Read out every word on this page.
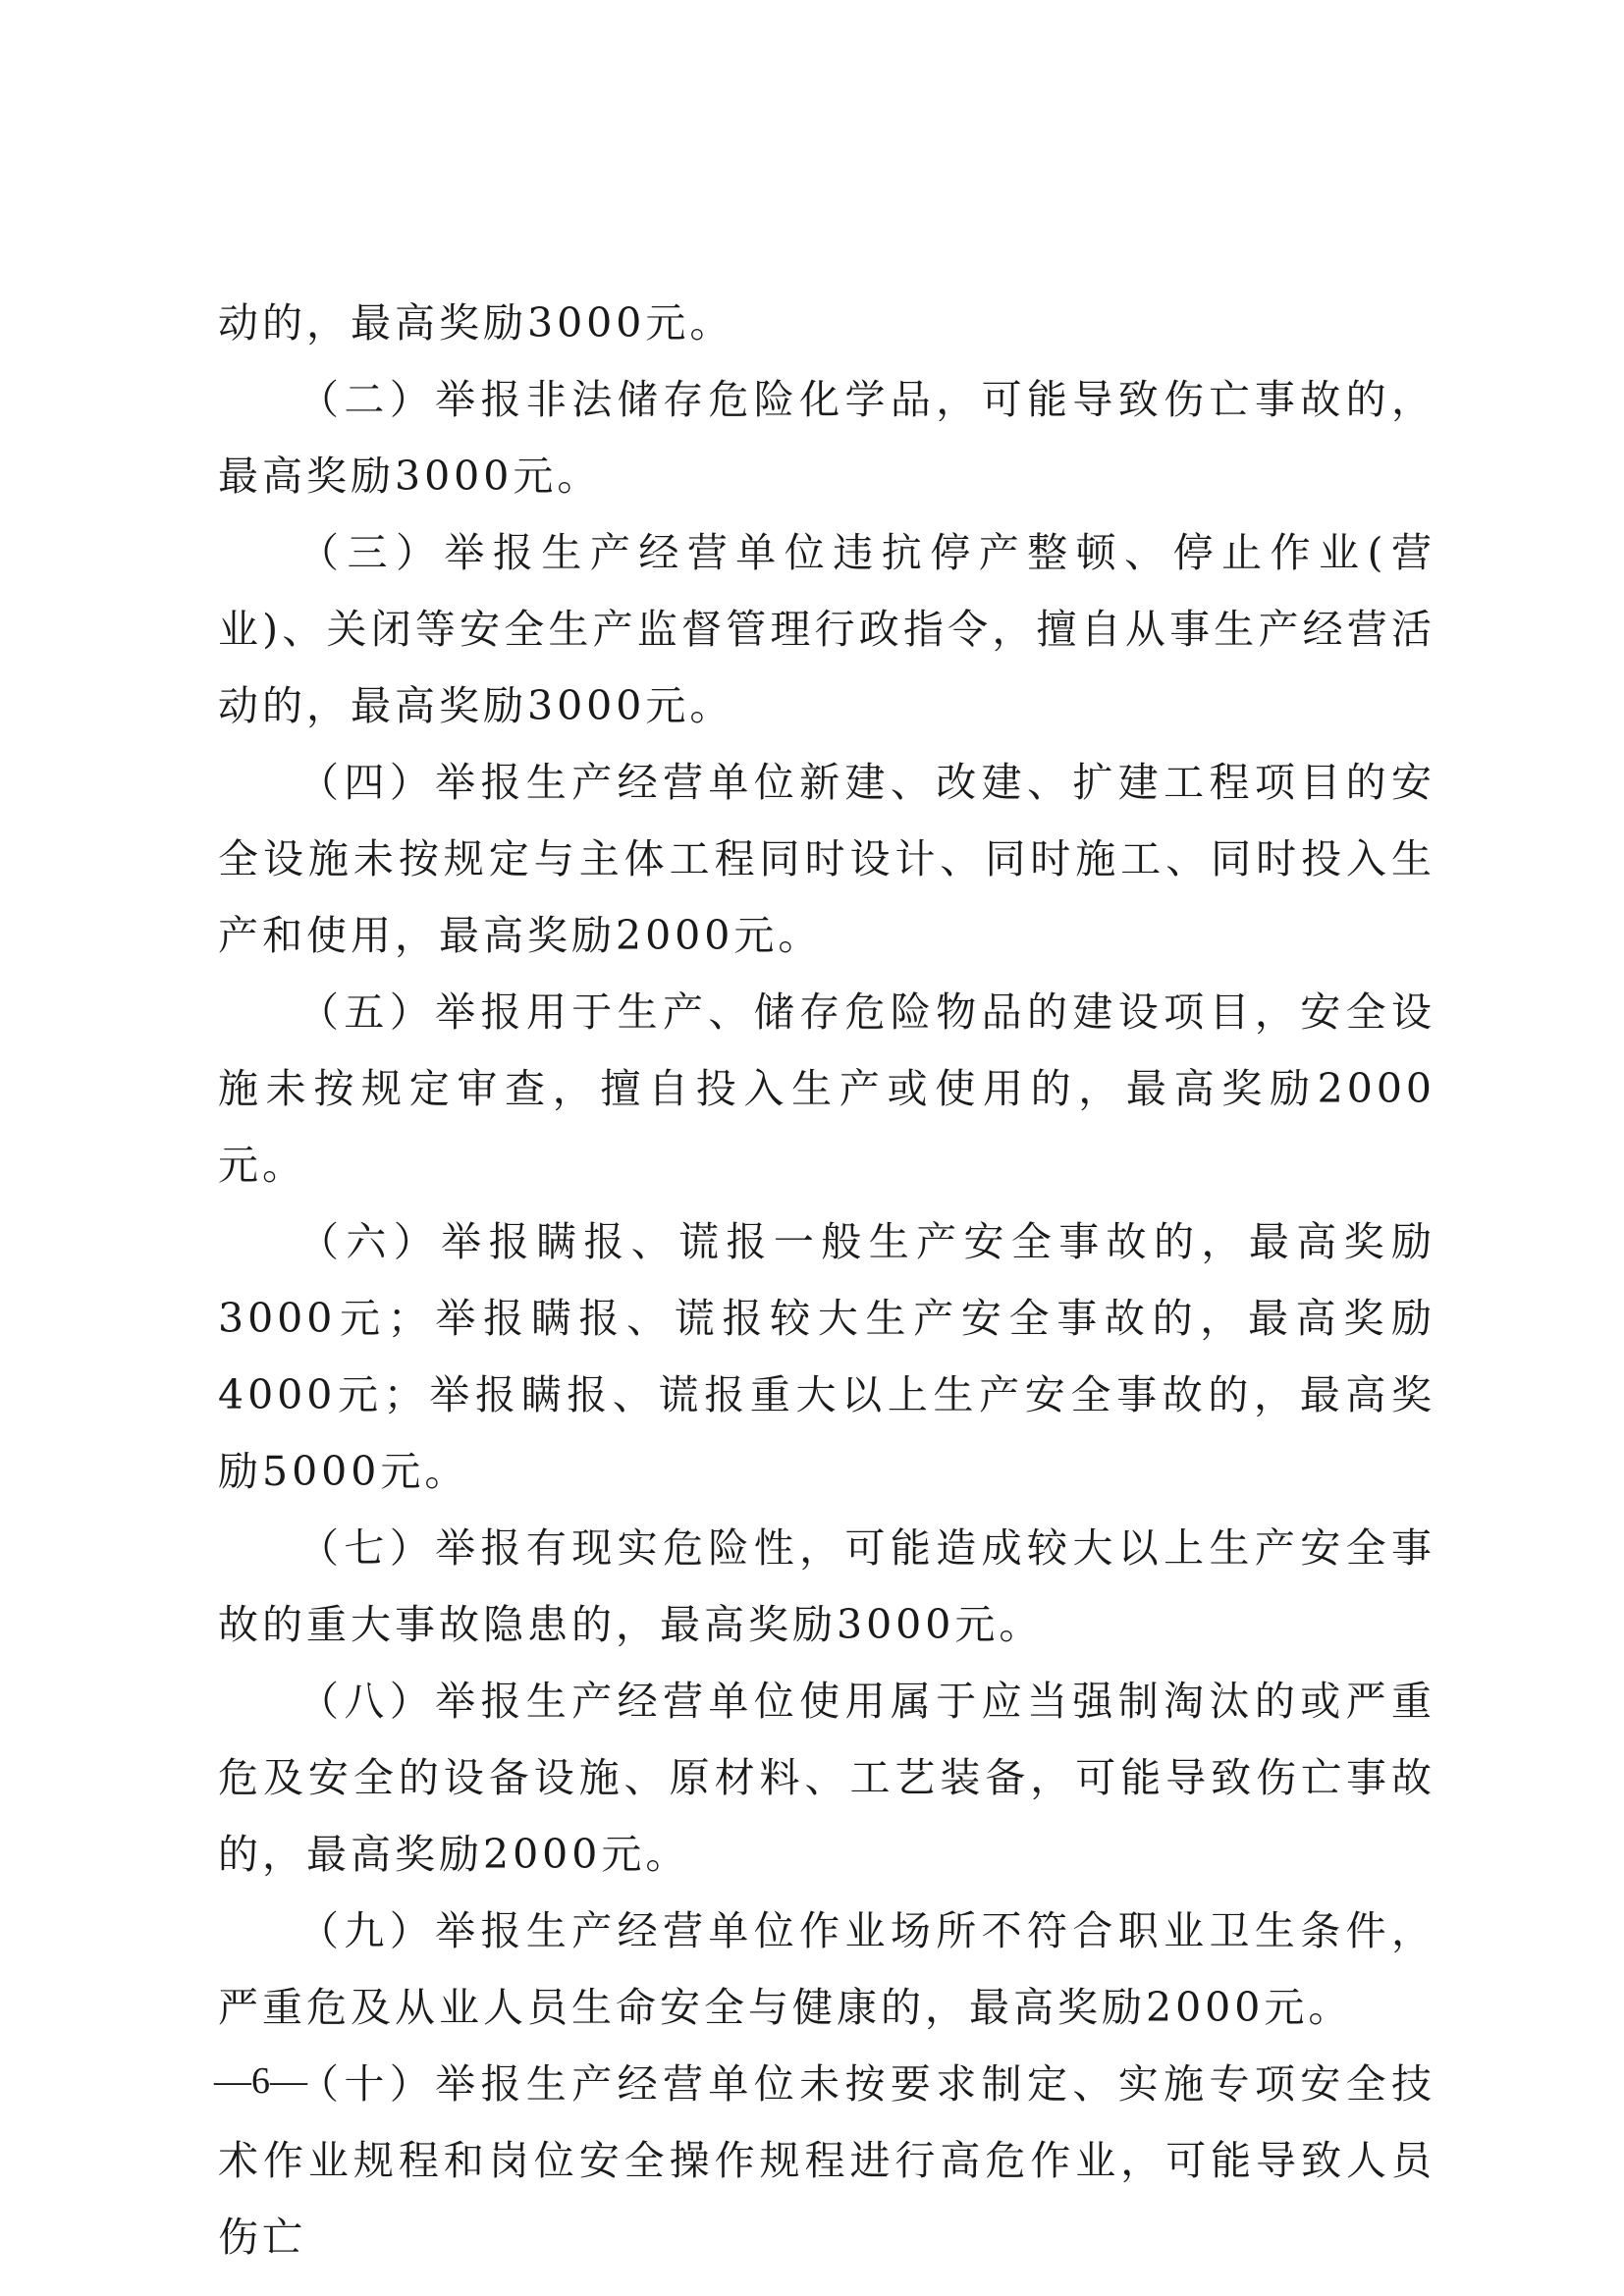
动的，最高奖励3000元。

（二）举报非法储存危险化学品，可能导致伤亡事故的，最高奖励3000元。

（三）举报生产经营单位违抗停产整顿、停止作业(营业)、关闭等安全生产监督管理行政指令，擅自从事生产经营活动的，最高奖励3000元。

（四）举报生产经营单位新建、改建、扩建工程项目的安全设施未按规定与主体工程同时设计、同时施工、同时投入生产和使用，最高奖励2000元。

（五）举报用于生产、储存危险物品的建设项目，安全设施未按规定审查，擅自投入生产或使用的，最高奖励2000元。

（六）举报瞒报、谎报一般生产安全事故的，最高奖励3000元；举报瞒报、谎报较大生产安全事故的，最高奖励4000元；举报瞒报、谎报重大以上生产安全事故的，最高奖励5000元。

（七）举报有现实危险性，可能造成较大以上生产安全事故的重大事故隐患的，最高奖励3000元。

（八）举报生产经营单位使用属于应当强制淘汰的或严重危及安全的设备设施、原材料、工艺装备，可能导致伤亡事故的，最高奖励2000元。

（九）举报生产经营单位作业场所不符合职业卫生条件，严重危及从业人员生命安全与健康的，最高奖励2000元。

（十）举报生产经营单位未按要求制定、实施专项安全技术作业规程和岗位安全操作规程进行高危作业，可能导致人员伤亡

—6—
